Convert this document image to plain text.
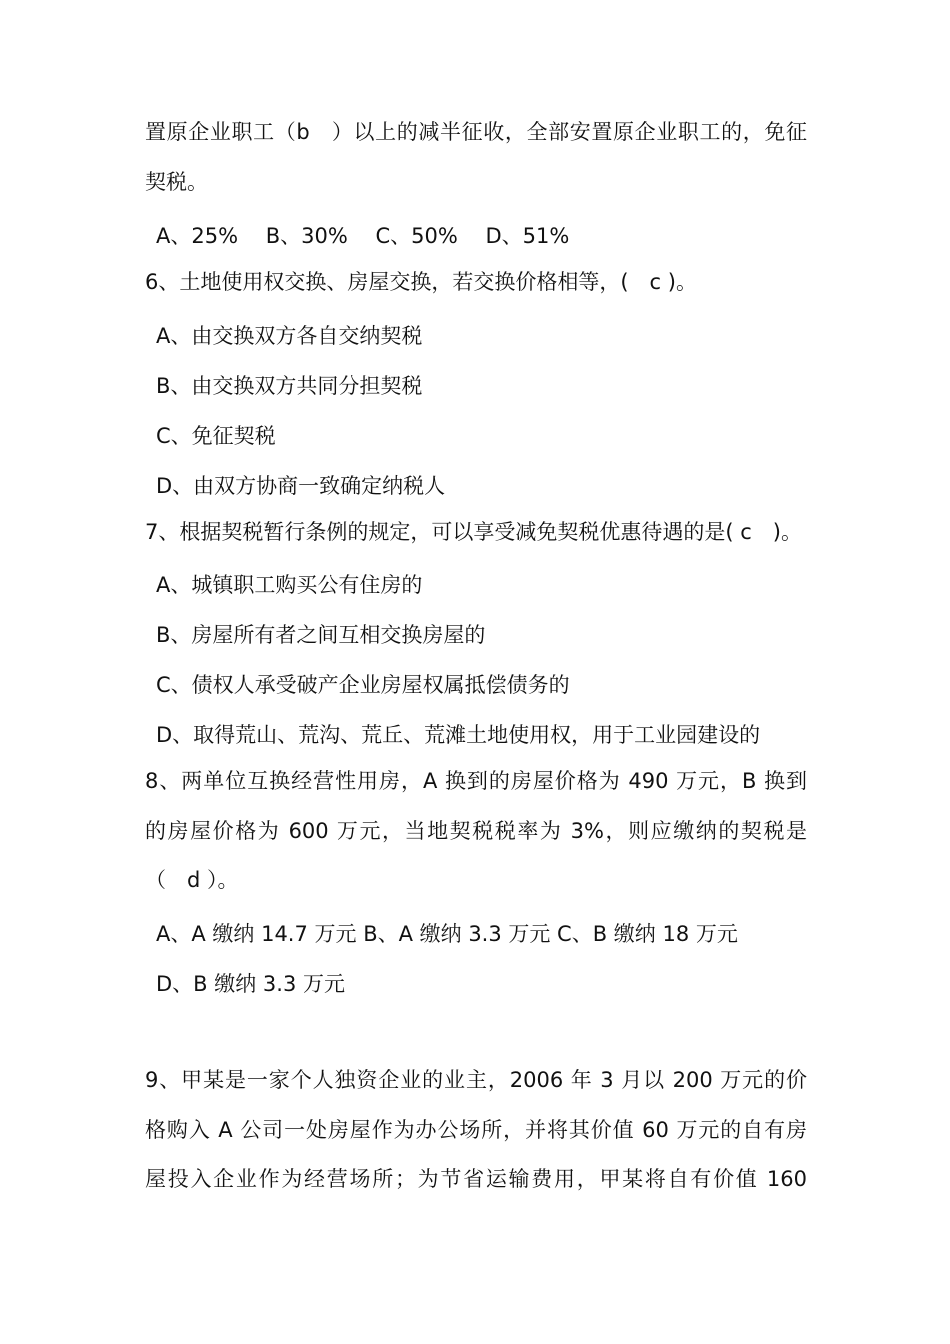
置原企业职工（b　）以上的减半征收，全部安置原企业职工的，免征
契税。
A、25%　 B、30%　 C、50%　 D、51%
6、土地使用权交换、房屋交换，若交换价格相等，(　c )。
A、由交换双方各自交纳契税
B、由交换双方共同分担契税
C、免征契税
D、由双方协商一致确定纳税人
7、根据契税暂行条例的规定，可以享受减免契税优惠待遇的是( c　)。
A、城镇职工购买公有住房的
B、房屋所有者之间互相交换房屋的
C、债权人承受破产企业房屋权属抵偿债务的
D、取得荒山、荒沟、荒丘、荒滩土地使用权，用于工业园建设的
8、两单位互换经营性用房，A 换到的房屋价格为 490 万元，B 换到
的房屋价格为 600 万元，当地契税税率为 3%，则应缴纳的契税是
（　d ）。
A、A 缴纳 14.7 万元 B、A 缴纳 3.3 万元 C、B 缴纳 18 万元
D、B 缴纳 3.3 万元
9、甲某是一家个人独资企业的业主，2006 年 3 月以 200 万元的价
格购入 A 公司一处房屋作为办公场所，并将其价值 60 万元的自有房
屋投入企业作为经营场所；为节省运输费用，甲某将自有价值 160
